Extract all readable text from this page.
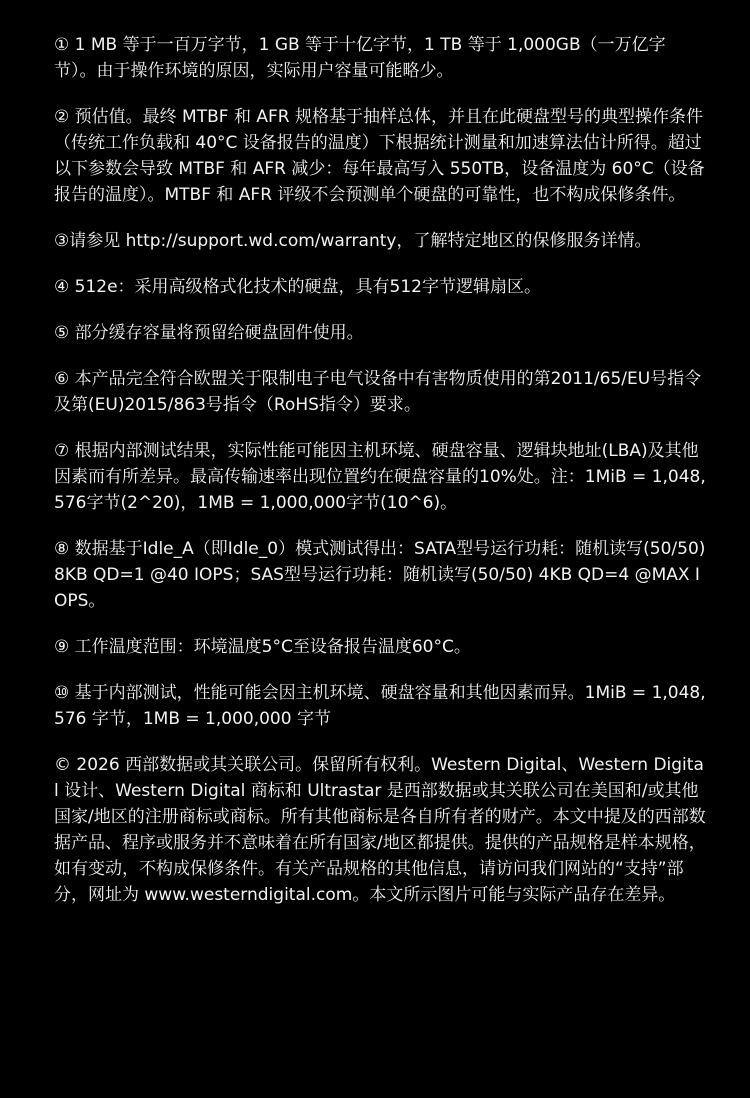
① 1 MB 等于一百万字节，1 GB 等于十亿字节，1 TB 等于 1,000GB（一万亿字节）。由于操作环境的原因，实际用户容量可能略少。

② 预估值。最终 MTBF 和 AFR 规格基于抽样总体，并且在此硬盘型号的典型操作条件（传统工作负载和 40°C 设备报告的温度）下根据统计测量和加速算法估计所得。超过以下参数会导致 MTBF 和 AFR 减少：每年最高写入 550TB，设备温度为 60°C（设备报告的温度）。MTBF 和 AFR 评级不会预测单个硬盘的可靠性，也不构成保修条件。

③请参见 http://support.wd.com/warranty，了解特定地区的保修服务详情。

④ 512e：采用高级格式化技术的硬盘，具有512字节逻辑扇区。

⑤ 部分缓存容量将预留给硬盘固件使用。

⑥ 本产品完全符合欧盟关于限制电子电气设备中有害物质使用的第2011/65/EU号指令及第(EU)2015/863号指令（RoHS指令）要求。

⑦ 根据内部测试结果，实际性能可能因主机环境、硬盘容量、逻辑块地址(LBA)及其他因素而有所差异。最高传输速率出现位置约在硬盘容量的10%处。注：1MiB = 1,048,576字节(2^20)，1MB = 1,000,000字节(10^6)。

⑧ 数据基于Idle_A（即Idle_0）模式测试得出：SATA型号运行功耗：随机读写(50/50) 8KB QD=1 @40 IOPS；SAS型号运行功耗：随机读写(50/50) 4KB QD=4 @MAX IOPS。

⑨ 工作温度范围：环境温度5°C至设备报告温度60°C。

⑩ 基于内部测试，性能可能会因主机环境、硬盘容量和其他因素而异。1MiB = 1,048,576 字节，1MB = 1,000,000 字节

© 2026 西部数据或其关联公司。保留所有权利。Western Digital、Western Digital 设计、Western Digital 商标和 Ultrastar 是西部数据或其关联公司在美国和/或其他国家/地区的注册商标或商标。所有其他商标是各自所有者的财产。本文中提及的西部数据产品、程序或服务并不意味着在所有国家/地区都提供。提供的产品规格是样本规格，如有变动，不构成保修条件。有关产品规格的其他信息，请访问我们网站的“支持”部分，网址为 www.westerndigital.com。本文所示图片可能与实际产品存在差异。
